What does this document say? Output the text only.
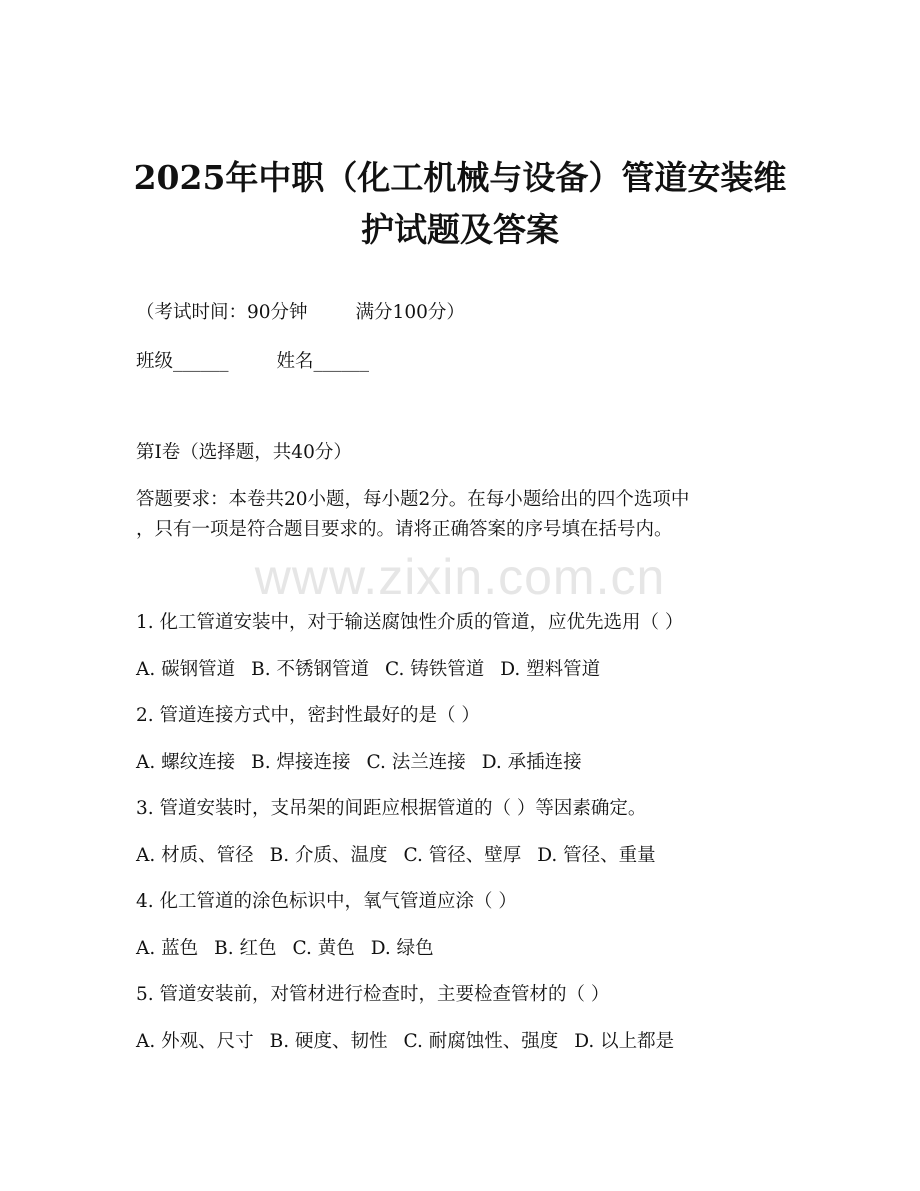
2025年中职（化工机械与设备）管道安装维
护试题及答案

（考试时间：90分钟	满分100分）

班级______	姓名______

第I卷（选择题，共40分）

答题要求：本卷共20小题，每小题2分。在每小题给出的四个选项中

，只有一项是符合题目要求的。请将正确答案的序号填在括号内。

www.zixin.com.cn

1. 化工管道安装中，对于输送腐蚀性介质的管道，应优先选用（ ）

A. 碳钢管道 B. 不锈钢管道 C. 铸铁管道 D. 塑料管道

2. 管道连接方式中，密封性最好的是（ ）

A. 螺纹连接 B. 焊接连接 C. 法兰连接 D. 承插连接

3. 管道安装时，支吊架的间距应根据管道的（ ）等因素确定。

A. 材质、管径 B. 介质、温度 C. 管径、壁厚 D. 管径、重量

4. 化工管道的涂色标识中，氧气管道应涂（ ）

A. 蓝色 B. 红色 C. 黄色 D. 绿色

5. 管道安装前，对管材进行检查时，主要检查管材的（ ）

A. 外观、尺寸 B. 硬度、韧性 C. 耐腐蚀性、强度 D. 以上都是
